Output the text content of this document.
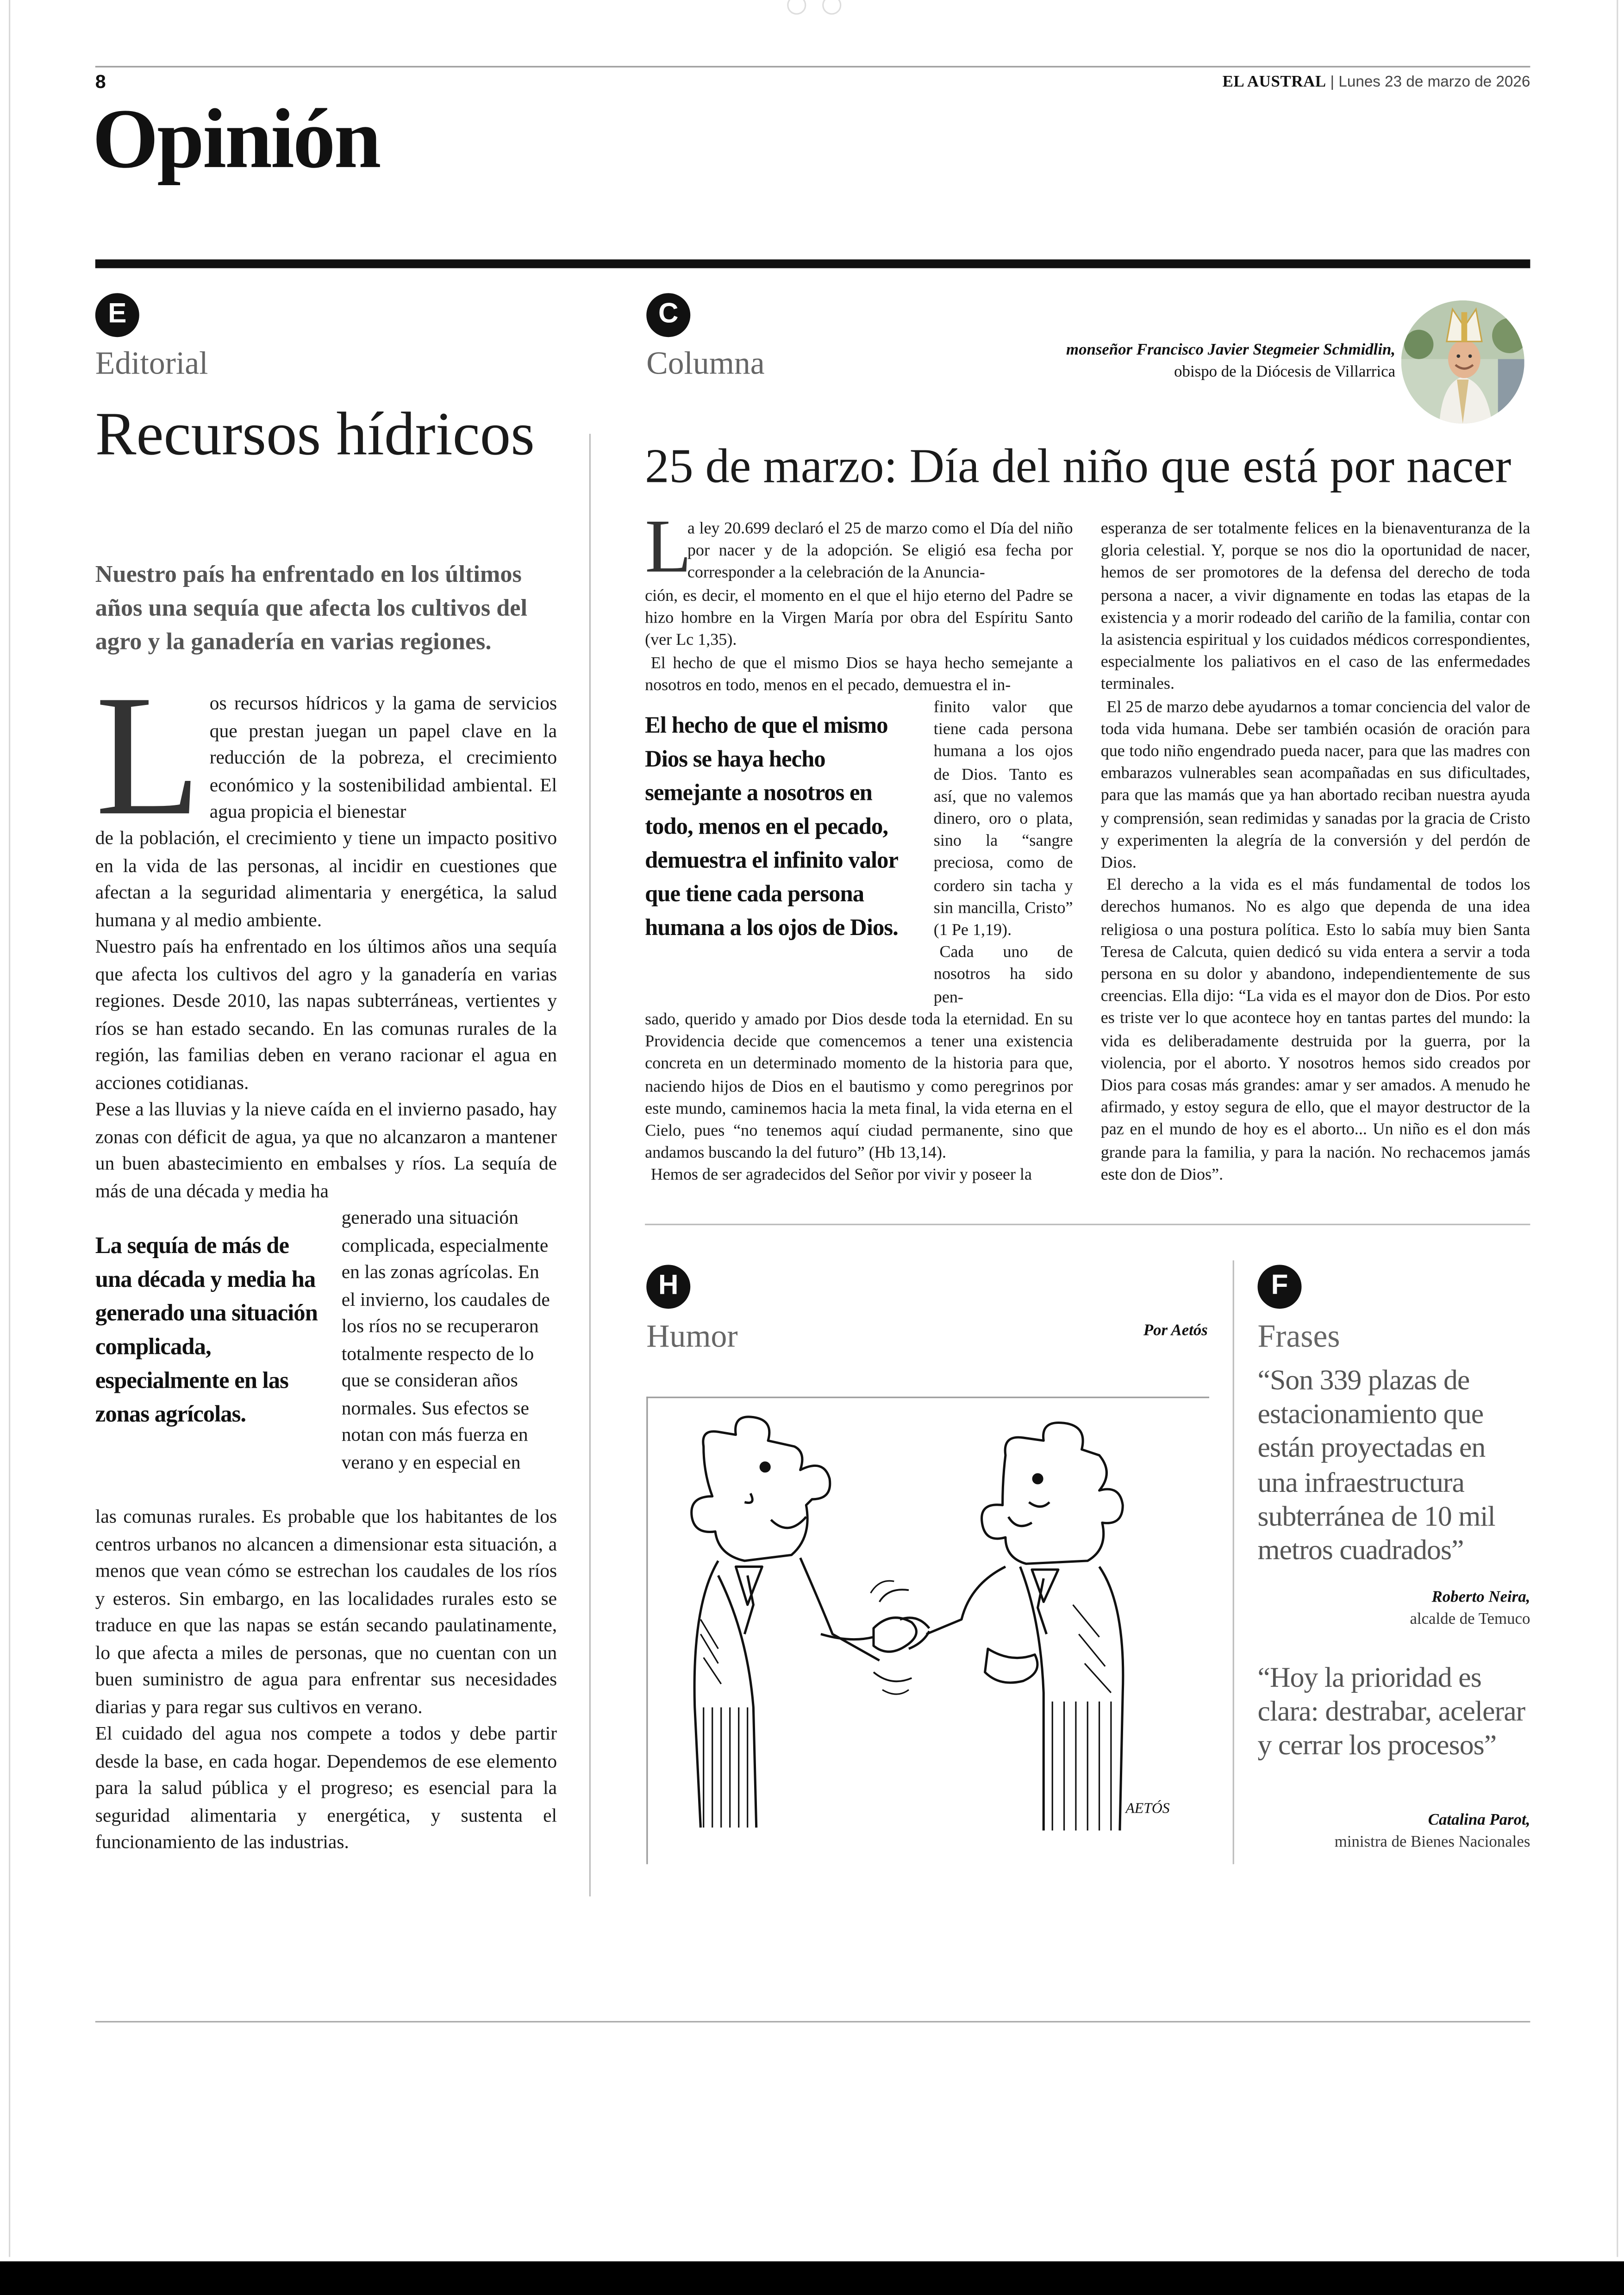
8	EL AUSTRAL | Lunes 23 de marzo de 2026
Opinión
E
Editorial
Recursos hídricos
Nuestro país ha enfrentado en los últimos años una sequía que afecta los cultivos del agro y la ganadería en varias regiones.
L os recursos hídricos y la gama de servicios que prestan juegan un papel clave en la reducción de la pobreza, el crecimiento económico y la sostenibilidad ambiental. El agua propicia el bienestar

de la población, el crecimiento y tiene un impacto positivo en la vida de las personas, al incidir en cuestiones que afectan a la seguridad alimentaria y energética, la salud humana y al medio ambiente.

Nuestro país ha enfrentado en los últimos años una sequía que afecta los cultivos del agro y la ganadería en varias regiones. Desde 2010, las napas subterráneas, vertientes y ríos se han estado secando. En las comunas rurales de la región, las familias deben en verano racionar el agua en acciones cotidianas.

Pese a las lluvias y la nieve caída en el invierno pasado, hay zonas con déficit de agua, ya que no alcanzaron a mantener un buen abastecimiento en embalses y ríos. La sequía de más de una década y media ha

La sequía de más de una década y media ha generado una situación complicada, especialmente en las zonas agrícolas.
generado una situación complicada, especialmente en las zonas agrícolas. En el invierno, los caudales de los ríos no se recuperaron totalmente respecto de lo que se consideran años normales. Sus efectos se notan con más fuerza en verano y en especial en

las comunas rurales. Es probable que los habitantes de los centros urbanos no alcancen a dimensionar esta situación, a menos que vean cómo se estrechan los caudales de los ríos y esteros. Sin embargo, en las localidades rurales esto se traduce en que las napas se están secando paulatinamente, lo que afecta a miles de personas, que no cuentan con un buen suministro de agua para enfrentar sus necesidades diarias y para regar sus cultivos en verano.

El cuidado del agua nos compete a todos y debe partir desde la base, en cada hogar. Dependemos de ese elemento para la salud pública y el progreso; es esencial para la seguridad alimentaria y energética, y sustenta el funcionamiento de las industrias.

C
Columna	monseñor Francisco Javier Stegmeier Schmidlin,
obispo de la Diócesis de Villarrica
25 de marzo: Día del niño que está por nacer
L
a ley 20.699 declaró el 25 de marzo como el Día del niño por nacer y de la adopción. Se eligió esa fecha por corresponder a la celebración de la Anuncia-

ción, es decir, el momento en el que el hijo eterno del Padre se hizo hombre en la Virgen María por obra del Espíritu Santo (ver Lc 1,35).

El hecho de que el mismo Dios se haya hecho semejante a nosotros en todo, menos en el pecado, demuestra el in-

El hecho de que el mismo Dios se haya hecho semejante a nosotros en todo, menos en el pecado, demuestra el infinito valor que tiene cada persona humana a los ojos de Dios.

finito valor que tiene cada persona humana a los ojos de Dios. Tanto es así, que no valemos dinero, oro o plata, sino la “sangre preciosa, como de cordero sin tacha y sin mancilla, Cristo” (1 Pe 1,19).

Cada uno de nosotros ha sido pen-

sado, querido y amado por Dios desde toda la eternidad. En su Providencia decide que comencemos a tener una existencia concreta en un determinado momento de la historia para que, naciendo hijos de Dios en el bautismo y como peregrinos por este mundo, caminemos hacia la meta final, la vida eterna en el Cielo, pues “no tenemos aquí ciudad permanente, sino que andamos buscando la del futuro” (Hb 13,14).

Hemos de ser agradecidos del Señor por vivir y poseer la

esperanza de ser totalmente felices en la bienaventuranza de la gloria celestial. Y, porque se nos dio la oportunidad de nacer, hemos de ser promotores de la defensa del derecho de toda persona a nacer, a vivir dignamente en todas las etapas de la existencia y a morir rodeado del cariño de la familia, contar con la asistencia espiritual y los cuidados médicos correspondientes, especialmente los paliativos en el caso de las enfermedades terminales.

El 25 de marzo debe ayudarnos a tomar conciencia del valor de toda vida humana. Debe ser también ocasión de oración para que todo niño engendrado pueda nacer, para que las madres con embarazos vulnerables sean acompañadas en sus dificultades, para que las mamás que ya han abortado reciban nuestra ayuda y comprensión, sean redimidas y sanadas por la gracia de Cristo y experimenten la alegría de la conversión y del perdón de Dios.

El derecho a la vida es el más fundamental de todos los derechos humanos. No es algo que dependa de una idea religiosa o una postura política. Esto lo sabía muy bien Santa Teresa de Calcuta, quien dedicó su vida entera a servir a toda persona en su dolor y abandono, independientemente de sus creencias. Ella dijo: “La vida es el mayor don de Dios. Por esto es triste ver lo que acontece hoy en tantas partes del mundo: la vida es deliberadamente destruida por la guerra, por la violencia, por el aborto. Y nosotros hemos sido creados por Dios para cosas más grandes: amar y ser amados. A menudo he afirmado, y estoy segura de ello, que el mayor destructor de la paz en el mundo de hoy es el aborto... Un niño es el don más grande para la familia, y para la nación. No rechacemos jamás este don de Dios”.

H
Humor	Por Aetós
AETÓS
F
Frases
“Son 339 plazas de estacionamiento que están proyectadas en una infraestructura subterránea de 10 mil metros cuadrados”
Roberto Neira,
alcalde de Temuco
“Hoy la prioridad es clara: destrabar, acelerar y cerrar los procesos”
Catalina Parot,
ministra de Bienes Nacionales
